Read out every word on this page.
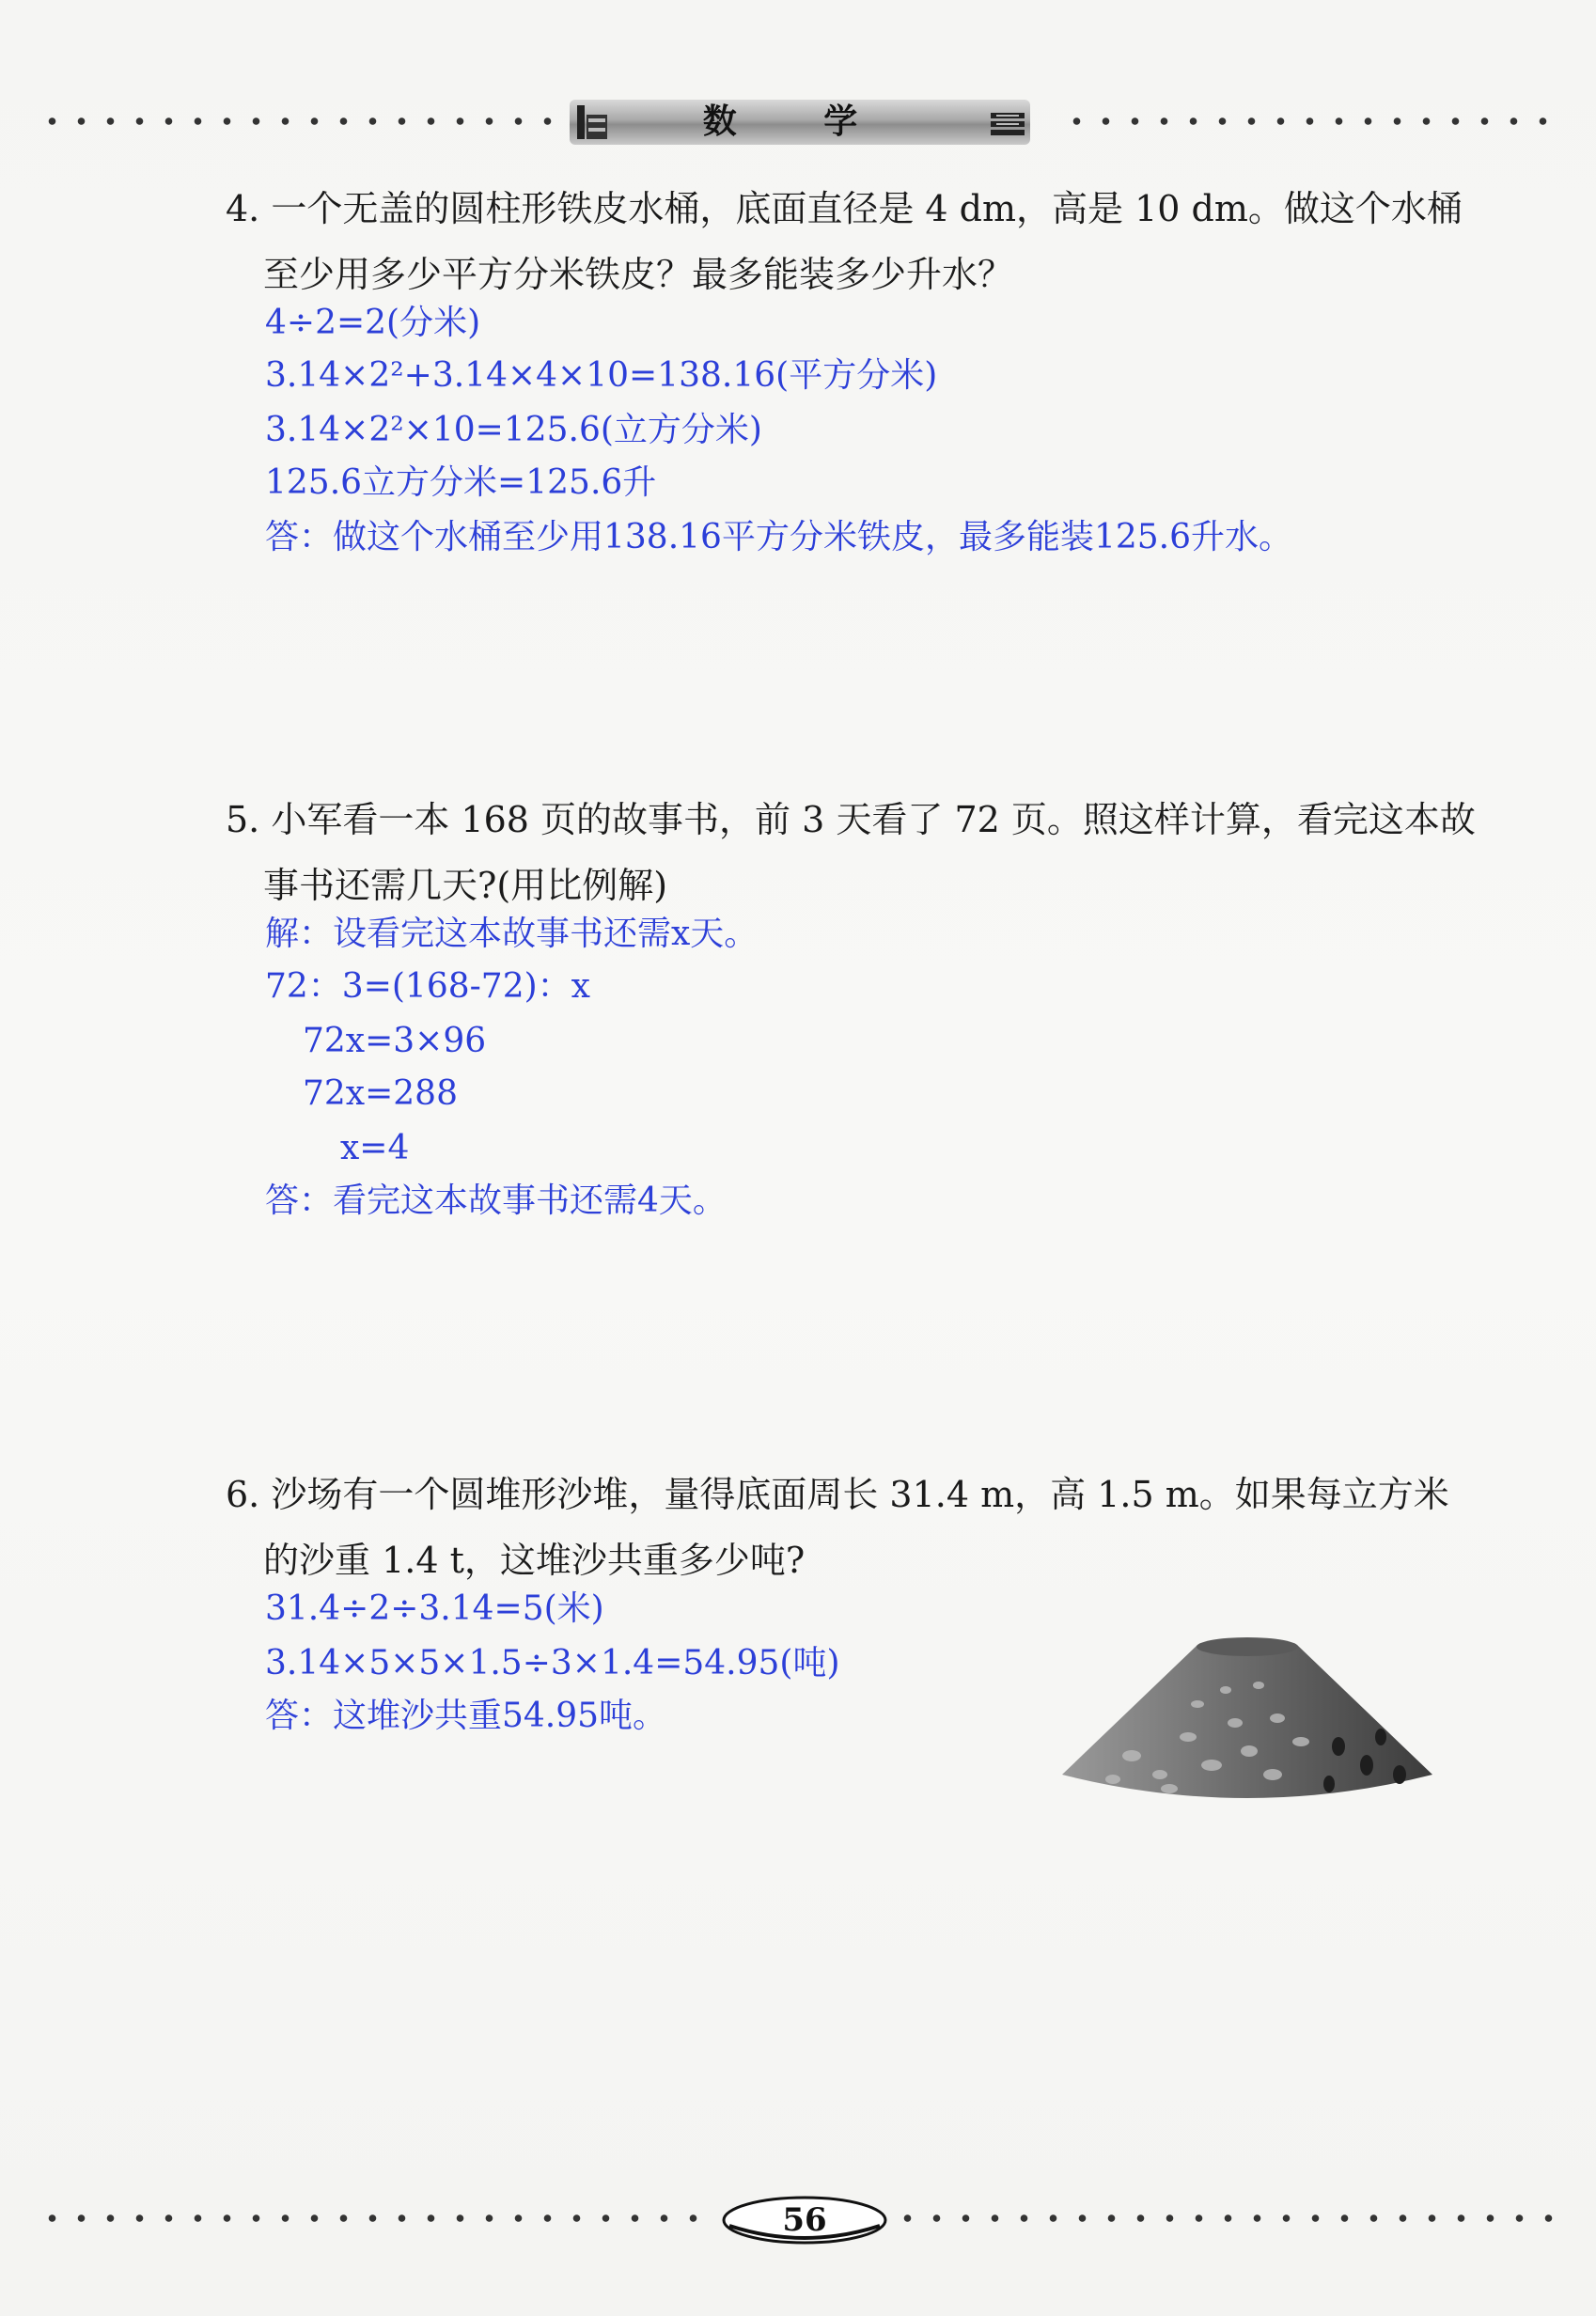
数 学
4. 一个无盖的圆柱形铁皮水桶，底面直径是 4 dm，高是 10 dm。做这个水桶
至少用多少平方分米铁皮？最多能装多少升水？
4÷2=2(分米)
3.14×2²+3.14×4×10=138.16(平方分米)
3.14×2²×10=125.6(立方分米)
125.6立方分米=125.6升
答：做这个水桶至少用138.16平方分米铁皮，最多能装125.6升水。
5. 小军看一本 168 页的故事书，前 3 天看了 72 页。照这样计算，看完这本故
事书还需几天?(用比例解)
解：设看完这本故事书还需x天。
72：3=(168-72)：x
72x=3×96
72x=288
x=4
答：看完这本故事书还需4天。
6. 沙场有一个圆堆形沙堆，量得底面周长 31.4 m，高 1.5 m。如果每立方米
的沙重 1.4 t，这堆沙共重多少吨?
31.4÷2÷3.14=5(米)
3.14×5×5×1.5÷3×1.4=54.95(吨)
答：这堆沙共重54.95吨。
56
